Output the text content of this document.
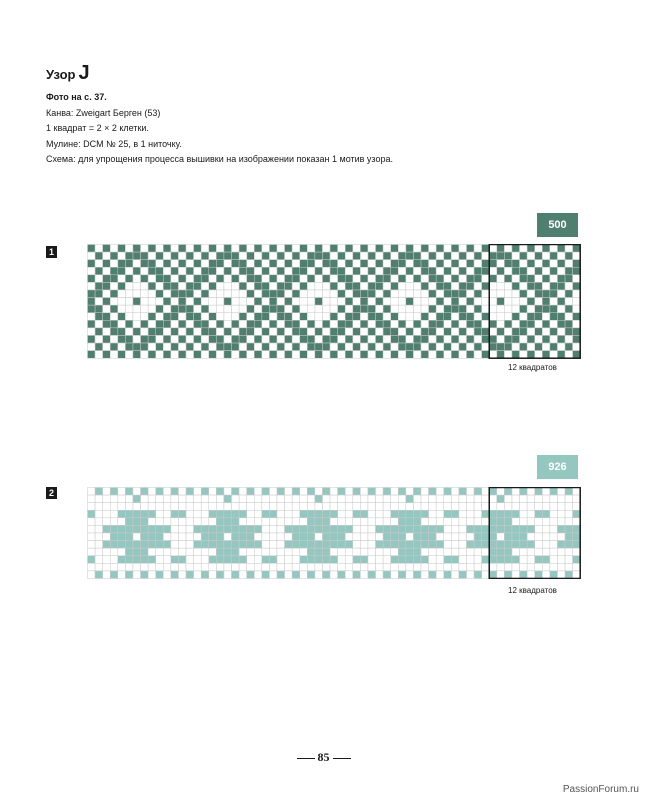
Узор J
Фото на с. 37.
Канва: Zweigart Берген (53)
1 квадрат = 2 × 2 клетки.
Мулине: DCM № 25, в 1 ниточку.
Схема: для упрощения процесса вышивки на изображении показан 1 мотив узора.
500
1
12 квадратов
926
2
12 квадратов
85
PassionForum.ru
